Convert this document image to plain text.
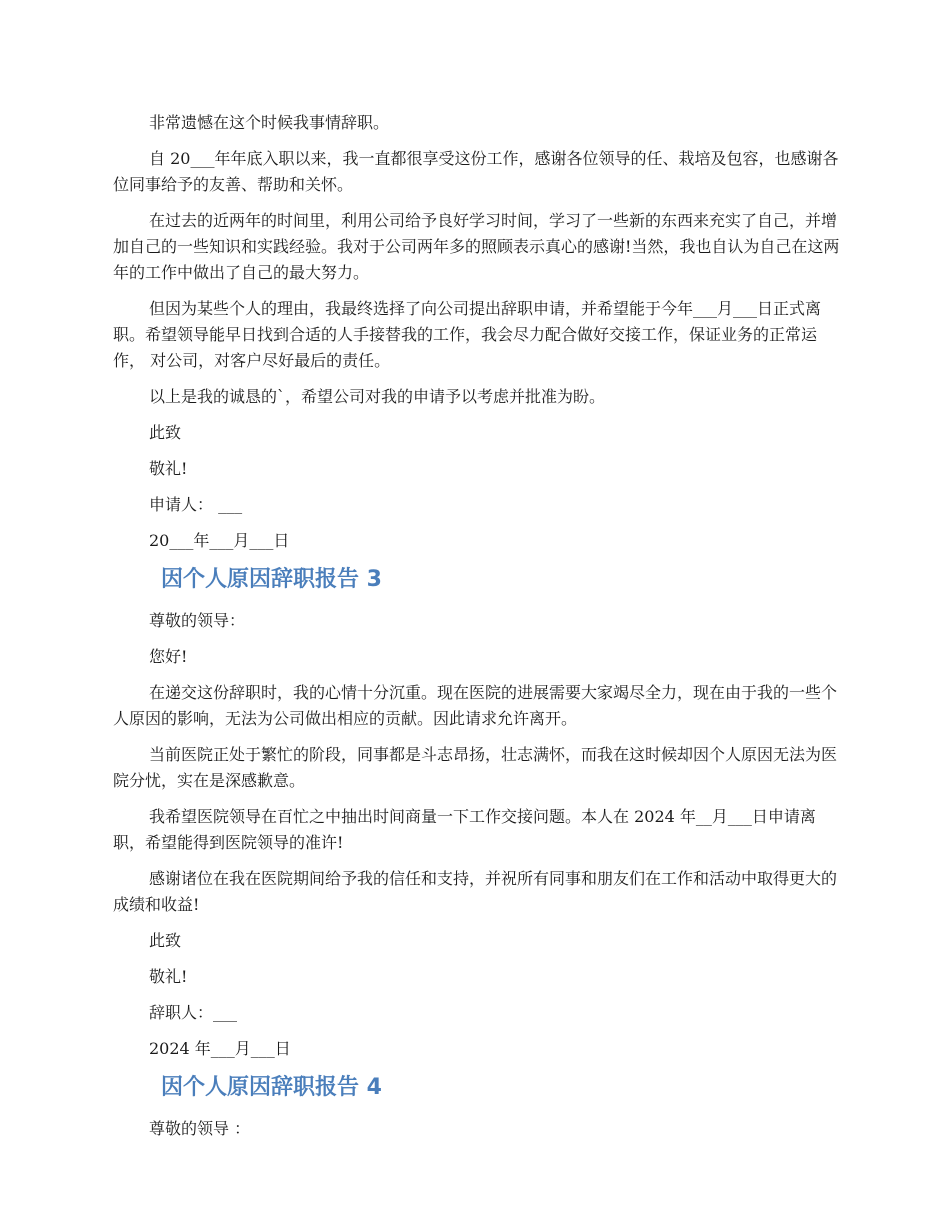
非常遗憾在这个时候我事情辞职。

自 20___年年底入职以来，我一直都很享受这份工作，感谢各位领导的任、栽培及包容，也感谢各位同事给予的友善、帮助和关怀。

在过去的近两年的时间里，利用公司给予良好学习时间，学习了一些新的东西来充实了自己，并增加自己的一些知识和实践经验。我对于公司两年多的照顾表示真心的感谢!当然，我也自认为自己在这两年的工作中做出了自己的最大努力。

但因为某些个人的理由，我最终选择了向公司提出辞职申请，并希望能于今年___月___日正式离职。希望领导能早日找到合适的人手接替我的工作，我会尽力配合做好交接工作，保证业务的正常运作， 对公司，对客户尽好最后的责任。

以上是我的诚恳的`，希望公司对我的申请予以考虑并批准为盼。

此致

敬礼!

申请人： ___

20___年___月___日

因个人原因辞职报告 3

尊敬的领导：

您好!

在递交这份辞职时，我的心情十分沉重。现在医院的进展需要大家竭尽全力，现在由于我的一些个人原因的影响，无法为公司做出相应的贡献。因此请求允许离开。

当前医院正处于繁忙的阶段，同事都是斗志昂扬，壮志满怀，而我在这时候却因个人原因无法为医院分忧，实在是深感歉意。

我希望医院领导在百忙之中抽出时间商量一下工作交接问题。本人在 2024 年__月___日申请离职，希望能得到医院领导的准许!

感谢诸位在我在医院期间给予我的信任和支持，并祝所有同事和朋友们在工作和活动中取得更大的成绩和收益!

此致

敬礼!

辞职人：___

2024 年___月___日

因个人原因辞职报告 4

尊敬的领导 ：
